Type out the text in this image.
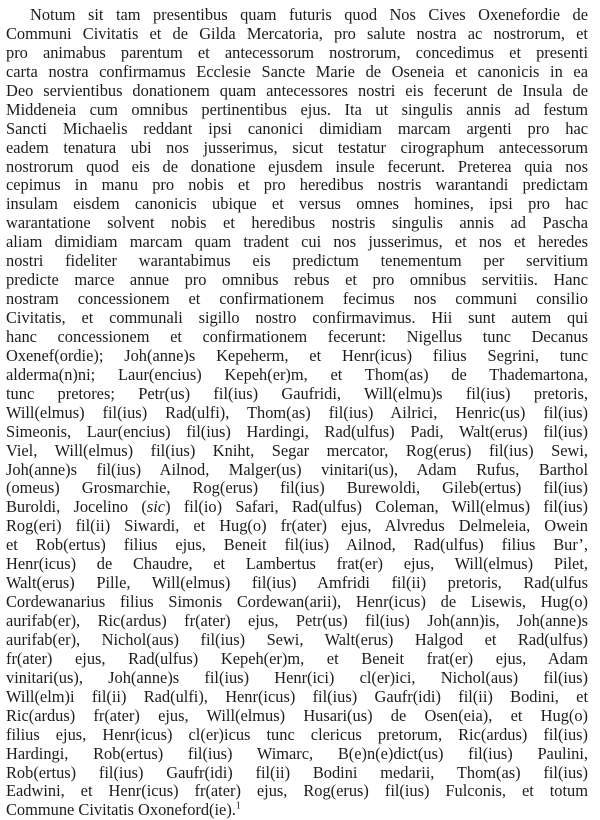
Notum sit tam presentibus quam futuris quod Nos Cives Oxenefordie de
Communi Civitatis et de Gilda Mercatoria, pro salute nostra ac nostrorum, et
pro animabus parentum et antecessorum nostrorum, concedimus et presenti
carta nostra confirmamus Ecclesie Sancte Marie de Oseneia et canonicis in ea
Deo servientibus donationem quam antecessores nostri eis fecerunt de Insula de
Middeneia cum omnibus pertinentibus ejus. Ita ut singulis annis ad festum
Sancti Michaelis reddant ipsi canonici dimidiam marcam argenti pro hac
eadem tenatura ubi nos jusserimus, sicut testatur cirographum antecessorum
nostrorum quod eis de donatione ejusdem insule fecerunt. Preterea quia nos
cepimus in manu pro nobis et pro heredibus nostris warantandi predictam
insulam eisdem canonicis ubique et versus omnes homines, ipsi pro hac
warantatione solvent nobis et heredibus nostris singulis annis ad Pascha
aliam dimidiam marcam quam tradent cui nos jusserimus, et nos et heredes
nostri fideliter warantabimus eis predictum tenementum per servitium
predicte marce annue pro omnibus rebus et pro omnibus servitiis. Hanc
nostram concessionem et confirmationem fecimus nos communi consilio
Civitatis, et communali sigillo nostro confirmavimus. Hii sunt autem qui
hanc concessionem et confirmationem fecerunt: Nigellus tunc Decanus
Oxenef(ordie); Joh(anne)s Kepeherm, et Henr(icus) filius Segrini, tunc
alderma(n)ni; Laur(encius) Kepeh(er)m, et Thom(as) de Thademartona,
tunc pretores; Petr(us) fil(ius) Gaufridi, Will(elmu)s fil(ius) pretoris,
Will(elmus) fil(ius) Rad(ulfi), Thom(as) fil(ius) Ailrici, Henric(us) fil(ius)
Simeonis, Laur(encius) fil(ius) Hardingi, Rad(ulfus) Padi, Walt(erus) fil(ius)
Viel, Will(elmus) fil(ius) Kniht, Segar mercator, Rog(erus) fil(ius) Sewi,
Joh(anne)s fil(ius) Ailnod, Malger(us) vinitari(us), Adam Rufus, Barthol
(omeus) Grosmarchie, Rog(erus) fil(ius) Burewoldi, Gileb(ertus) fil(ius)
Buroldi, Jocelino (sic) fil(io) Safari, Rad(ulfus) Coleman, Will(elmus) fil(ius)
Rog(eri) fil(ii) Siwardi, et Hug(o) fr(ater) ejus, Alvredus Delmeleia, Owein
et Rob(ertus) filius ejus, Beneit fil(ius) Ailnod, Rad(ulfus) filius Bur’,
Henr(icus) de Chaudre, et Lambertus frat(er) ejus, Will(elmus) Pilet,
Walt(erus) Pille, Will(elmus) fil(ius) Amfridi fil(ii) pretoris, Rad(ulfus
Cordewanarius filius Simonis Cordewan(arii), Henr(icus) de Lisewis, Hug(o)
aurifab(er), Ric(ardus) fr(ater) ejus, Petr(us) fil(ius) Joh(ann)is, Joh(anne)s
aurifab(er), Nichol(aus) fil(ius) Sewi, Walt(erus) Halgod et Rad(ulfus)
fr(ater) ejus, Rad(ulfus) Kepeh(er)m, et Beneit frat(er) ejus, Adam
vinitari(us), Joh(anne)s fil(ius) Henr(ici) cl(er)ici, Nichol(aus) fil(ius)
Will(elm)i fil(ii) Rad(ulfi), Henr(icus) fil(ius) Gaufr(idi) fil(ii) Bodini, et
Ric(ardus) fr(ater) ejus, Will(elmus) Husari(us) de Osen(eia), et Hug(o)
filius ejus, Henr(icus) cl(er)icus tunc clericus pretorum, Ric(ardus) fil(ius)
Hardingi, Rob(ertus) fil(ius) Wimarc, B(e)n(e)dict(us) fil(ius) Paulini,
Rob(ertus) fil(ius) Gaufr(idi) fil(ii) Bodini medarii, Thom(as) fil(ius)
Eadwini, et Henr(icus) fr(ater) ejus, Rog(erus) fil(ius) Fulconis, et totum
Commune Civitatis Oxoneford(ie).$^1$
